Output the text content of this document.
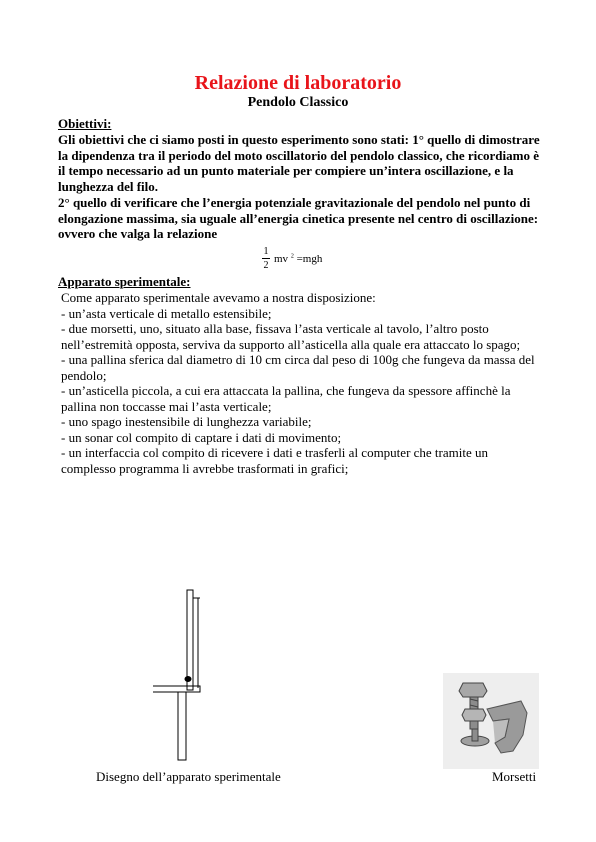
Relazione di laboratorio
Pendolo Classico
Obiettivi:
Gli obiettivi che ci siamo posti in questo esperimento sono stati: 1° quello di dimostrare la dipendenza tra il periodo del moto oscillatorio del pendolo classico, che ricordiamo è il tempo necessario ad un punto materiale per compiere un’intera oscillazione, e la lunghezza del filo.
2° quello di verificare che l’energia potenziale gravitazionale del pendolo nel punto di elongazione massima, sia uguale all’energia cinetica presente nel centro di oscillazione: ovvero che valga la relazione
1
2
mv $^2$ =mgh
Apparato sperimentale:
Come apparato sperimentale avevamo a nostra disposizione:
- un’asta verticale di metallo estensibile;
- due morsetti, uno, situato alla base, fissava l’asta verticale al tavolo, l’altro posto nell’estremità opposta, serviva da supporto all’asticella alla quale era attaccato lo spago;
- una pallina sferica dal diametro di 10 cm circa dal peso di 100g che fungeva da massa del pendolo;
- un’asticella piccola, a cui era attaccata la pallina, che fungeva da spessore affinchè la pallina non toccasse mai l’asta verticale;
- uno spago inestensibile di lunghezza variabile;
- un sonar col compito di captare i dati di movimento;
- un interfaccia col compito di ricevere i dati e trasferli al computer che tramite un complesso programma li avrebbe trasformati in grafici;
Disegno dell’apparato sperimentale	Morsetti
